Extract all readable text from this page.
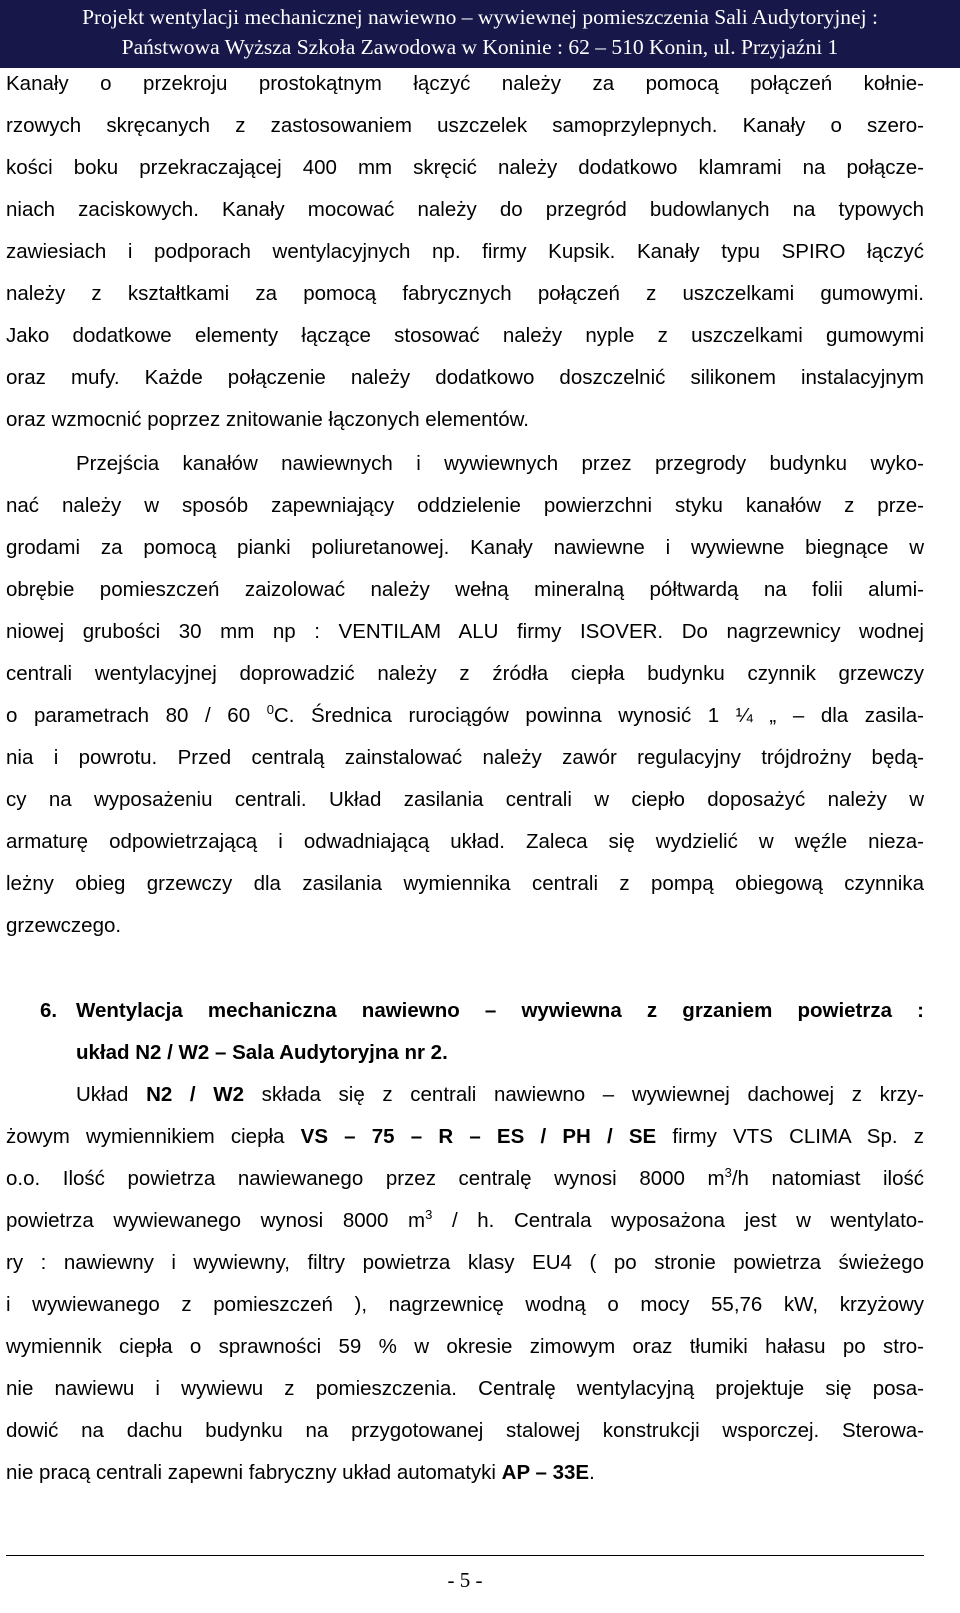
Projekt wentylacji mechanicznej nawiewno – wywiewnej pomieszczenia Sali Audytoryjnej :
Państwowa Wyższa Szkoła Zawodowa w Koninie : 62 – 510 Konin, ul. Przyjaźni 1
Kanały o przekroju prostokątnym łączyć należy za pomocą połączeń kołnie-
rzowych skręcanych z zastosowaniem uszczelek samoprzylepnych. Kanały o szero-
kości boku przekraczającej 400 mm skręcić należy dodatkowo klamrami na połącze-
niach zaciskowych. Kanały mocować należy do przegród budowlanych na typowych
zawiesiach i podporach wentylacyjnych np. firmy Kupsik. Kanały typu SPIRO łączyć
należy z kształtkami za pomocą fabrycznych połączeń z uszczelkami gumowymi.
Jako dodatkowe elementy łączące stosować należy nyple z uszczelkami gumowymi
oraz mufy. Każde połączenie należy dodatkowo doszczelnić silikonem instalacyjnym
oraz wzmocnić poprzez znitowanie łączonych elementów.
Przejścia kanałów nawiewnych i wywiewnych przez przegrody budynku wyko-
nać należy w sposób zapewniający oddzielenie powierzchni styku kanałów z prze-
grodami za pomocą pianki poliuretanowej. Kanały nawiewne i wywiewne biegnące w
obrębie pomieszczeń zaizolować należy wełną mineralną półtwardą na folii alumi-
niowej grubości 30 mm np : VENTILAM ALU firmy ISOVER. Do nagrzewnicy wodnej
centrali wentylacyjnej doprowadzić należy z źródła ciepła budynku czynnik grzewczy
o parametrach 80 / 60 $^0$C. Średnica rurociągów powinna wynosić 1 ¼ „ – dla zasila-
nia i powrotu. Przed centralą zainstalować należy zawór regulacyjny trójdrożny będą-
cy na wyposażeniu centrali. Układ zasilania centrali w ciepło doposażyć należy w
armaturę odpowietrzającą i odwadniającą układ. Zaleca się wydzielić w węźle nieza-
leżny obieg grzewczy dla zasilania wymiennika centrali z pompą obiegową czynnika
grzewczego.
6. Wentylacja mechaniczna nawiewno – wywiewna z grzaniem powietrza :
układ N2 / W2 – Sala Audytoryjna nr 2.
Układ N2 / W2 składa się z centrali nawiewno – wywiewnej dachowej z krzy-
żowym wymiennikiem ciepła VS – 75 – R – ES / PH / SE firmy VTS CLIMA Sp. z
o.o. Ilość powietrza nawiewanego przez centralę wynosi 8000 $m^3/h$ natomiast ilość
powietrza wywiewanego wynosi 8000 $m^3$ / h. Centrala wyposażona jest w wentylato-
ry : nawiewny i wywiewny, filtry powietrza klasy EU4 ( po stronie powietrza świeżego
i wywiewanego z pomieszczeń ), nagrzewnicę wodną o mocy 55,76 kW, krzyżowy
wymiennik ciepła o sprawności 59 % w okresie zimowym oraz tłumiki hałasu po stro-
nie nawiewu i wywiewu z pomieszczenia. Centralę wentylacyjną projektuje się posa-
dowić na dachu budynku na przygotowanej stalowej konstrukcji wsporczej. Sterowa-
nie pracą centrali zapewni fabryczny układ automatyki AP – 33E.
- 5 -
